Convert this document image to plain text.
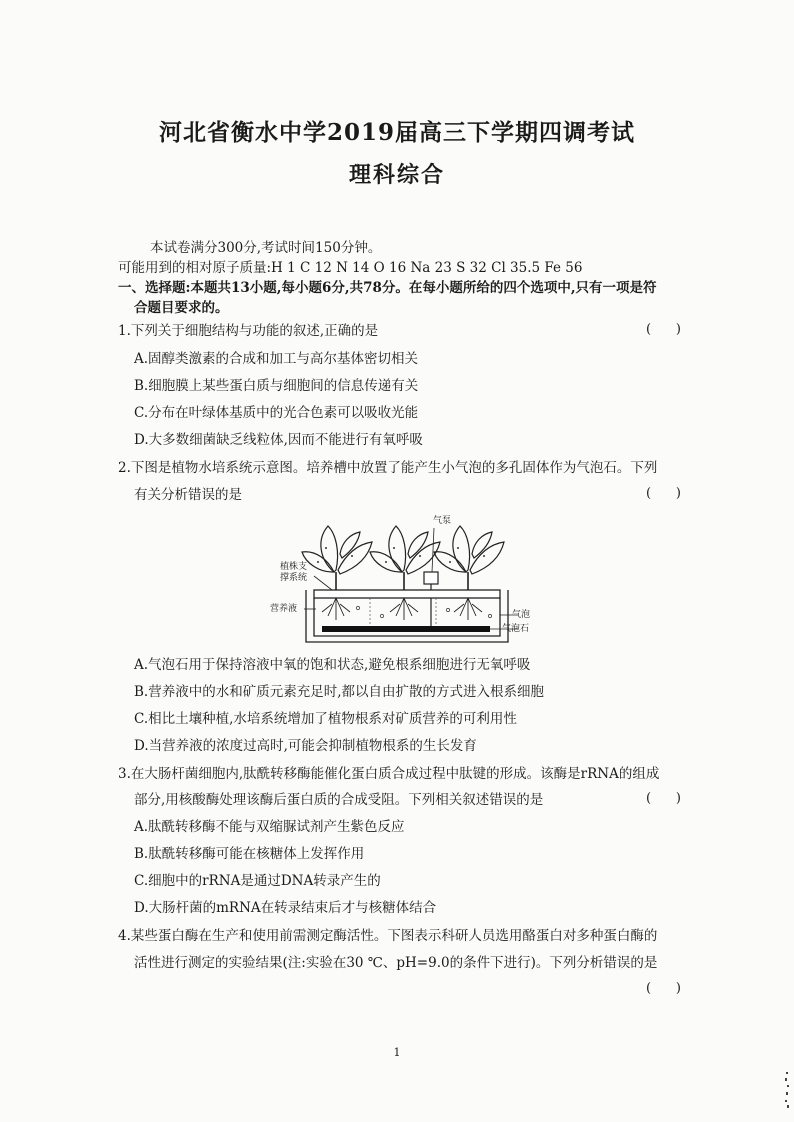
河北省衡水中学2019届高三下学期四调考试
理科综合
本试卷满分300分,考试时间150分钟。
可能用到的相对原子质量:H 1 C 12 N 14 O 16 Na 23 S 32 Cl 35.5 Fe 56
一、选择题:本题共13小题,每小题6分,共78分。在每小题所给的四个选项中,只有一项是符
合题目要求的。
1.下列关于细胞结构与功能的叙述,正确的是	(      )
A.固醇类激素的合成和加工与高尔基体密切相关
B.细胞膜上某些蛋白质与细胞间的信息传递有关
C.分布在叶绿体基质中的光合色素可以吸收光能
D.大多数细菌缺乏线粒体,因而不能进行有氧呼吸
2.下图是植物水培系统示意图。培养槽中放置了能产生小气泡的多孔固体作为气泡石。下列
有关分析错误的是	(      )
气泵
植株支
撑系统
营养液
气泡
气泡石
A.气泡石用于保持溶液中氧的饱和状态,避免根系细胞进行无氧呼吸
B.营养液中的水和矿质元素充足时,都以自由扩散的方式进入根系细胞
C.相比土壤种植,水培系统增加了植物根系对矿质营养的可利用性
D.当营养液的浓度过高时,可能会抑制植物根系的生长发育
3.在大肠杆菌细胞内,肽酰转移酶能催化蛋白质合成过程中肽键的形成。该酶是rRNA的组成
部分,用核酸酶处理该酶后蛋白质的合成受阻。下列相关叙述错误的是	(      )
A.肽酰转移酶不能与双缩脲试剂产生紫色反应
B.肽酰转移酶可能在核糖体上发挥作用
C.细胞中的rRNA是通过DNA转录产生的
D.大肠杆菌的mRNA在转录结束后才与核糖体结合
4.某些蛋白酶在生产和使用前需测定酶活性。下图表示科研人员选用酪蛋白对多种蛋白酶的
活性进行测定的实验结果(注:实验在30 ℃、pH=9.0的条件下进行)。下列分析错误的是
(      )
1
